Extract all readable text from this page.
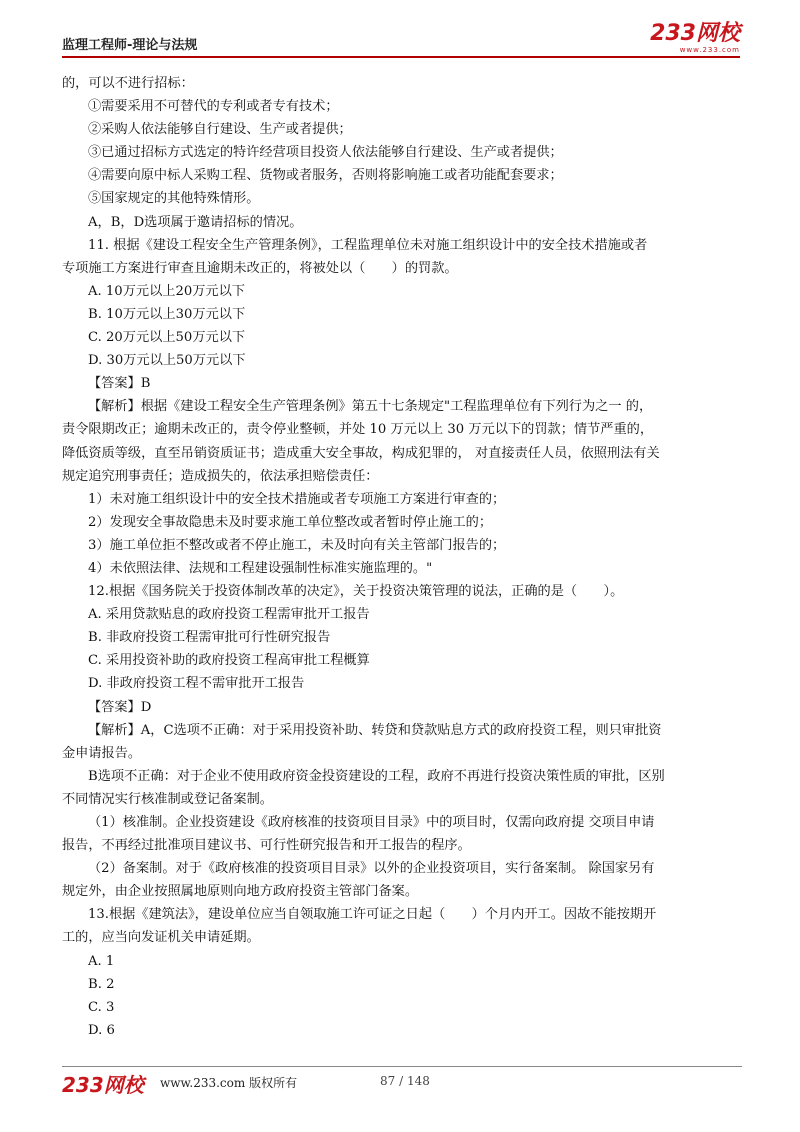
监理工程师-理论与法规	233网校
www.233.com

的，可以不进行招标：

①需要采用不可替代的专利或者专有技术；

②采购人依法能够自行建设、生产或者提供；

③已通过招标方式选定的特许经营项目投资人依法能够自行建设、生产或者提供；

④需要向原中标人采购工程、货物或者服务，否则将影响施工或者功能配套要求；

⑤国家规定的其他特殊情形。

A，B，D选项属于邀请招标的情况。

11. 根据《建设工程安全生产管理条例》，工程监理单位未对施工组织设计中的安全技术措施或者

专项施工方案进行审查且逾期未改正的，将被处以（　　）的罚款。

A. 10万元以上20万元以下

B. 10万元以上30万元以下

C. 20万元以上50万元以下

D. 30万元以上50万元以下

【答案】B

【解析】根据《建设工程安全生产管理条例》第五十七条规定"工程监理单位有下列行为之一 的，

责令限期改正；逾期未改正的，责令停业整顿，并处 10 万元以上 30 万元以下的罚款；情节严重的，

降低资质等级，直至吊销资质证书；造成重大安全事故，构成犯罪的， 对直接责任人员，依照刑法有关

规定追究刑事责任；造成损失的，依法承担赔偿责任：

1）未对施工组织设计中的安全技术措施或者专项施工方案进行审查的；

2）发现安全事故隐患未及时要求施工单位整改或者暂时停止施工的；

3）施工单位拒不整改或者不停止施工，未及时向有关主管部门报告的；

4）未依照法律、法规和工程建设强制性标准实施监理的。"

12.根据《国务院关于投资体制改革的决定》，关于投资决策管理的说法，正确的是（　　）。

A. 采用贷款贴息的政府投资工程需审批开工报告

B. 非政府投资工程需审批可行性研究报告

C. 采用投资补助的政府投资工程高审批工程概算

D. 非政府投资工程不需审批开工报告

【答案】D

【解析】A，C选项不正确：对于采用投资补助、转贷和贷款贴息方式的政府投资工程，则只审批资

金申请报告。

B选项不正确：对于企业不使用政府资金投资建设的工程，政府不再进行投资决策性质的审批，区别

不同情况实行核准制或登记备案制。

（1）核准制。企业投资建设《政府核准的技资项目目录》中的项目时，仅需向政府提 交项目申请

报告，不再经过批准项目建议书、可行性研究报告和开工报告的程序。

（2）备案制。对于《政府核准的投资项目目录》以外的企业投资项目，实行备案制。 除国家另有

规定外，由企业按照属地原则向地方政府投资主管部门备案。

13.根据《建筑法》，建设单位应当自领取施工许可证之日起（　　）个月内开工。因故不能按期开

工的，应当向发证机关申请延期。

A. 1

B. 2

C. 3

D. 6

233网校 www.233.com 版权所有	87 / 148
